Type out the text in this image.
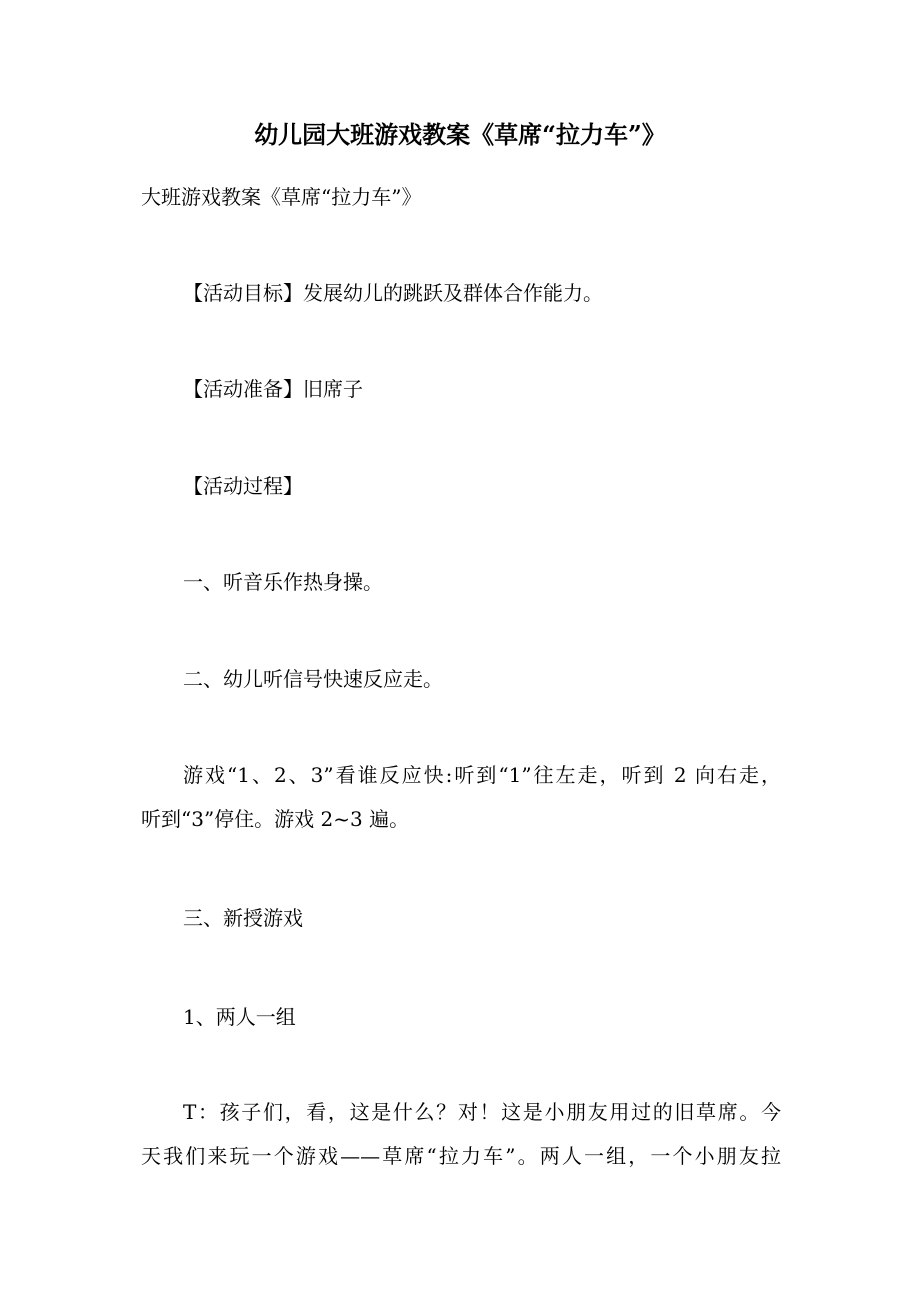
幼儿园大班游戏教案《草席“拉力车”》
大班游戏教案《草席“拉力车”》
【活动目标】发展幼儿的跳跃及群体合作能力。
【活动准备】旧席子
【活动过程】
一、听音乐作热身操。
二、幼儿听信号快速反应走。
游戏“1、2、3”看谁反应快:听到“1”往左走，听到 2 向右走，
听到“3”停住。游戏 2~3 遍。
三、新授游戏
1、两人一组
T：孩子们，看，这是什么？对！这是小朋友用过的旧草席。今
天我们来玩一个游戏——草席“拉力车”。两人一组，一个小朋友拉
